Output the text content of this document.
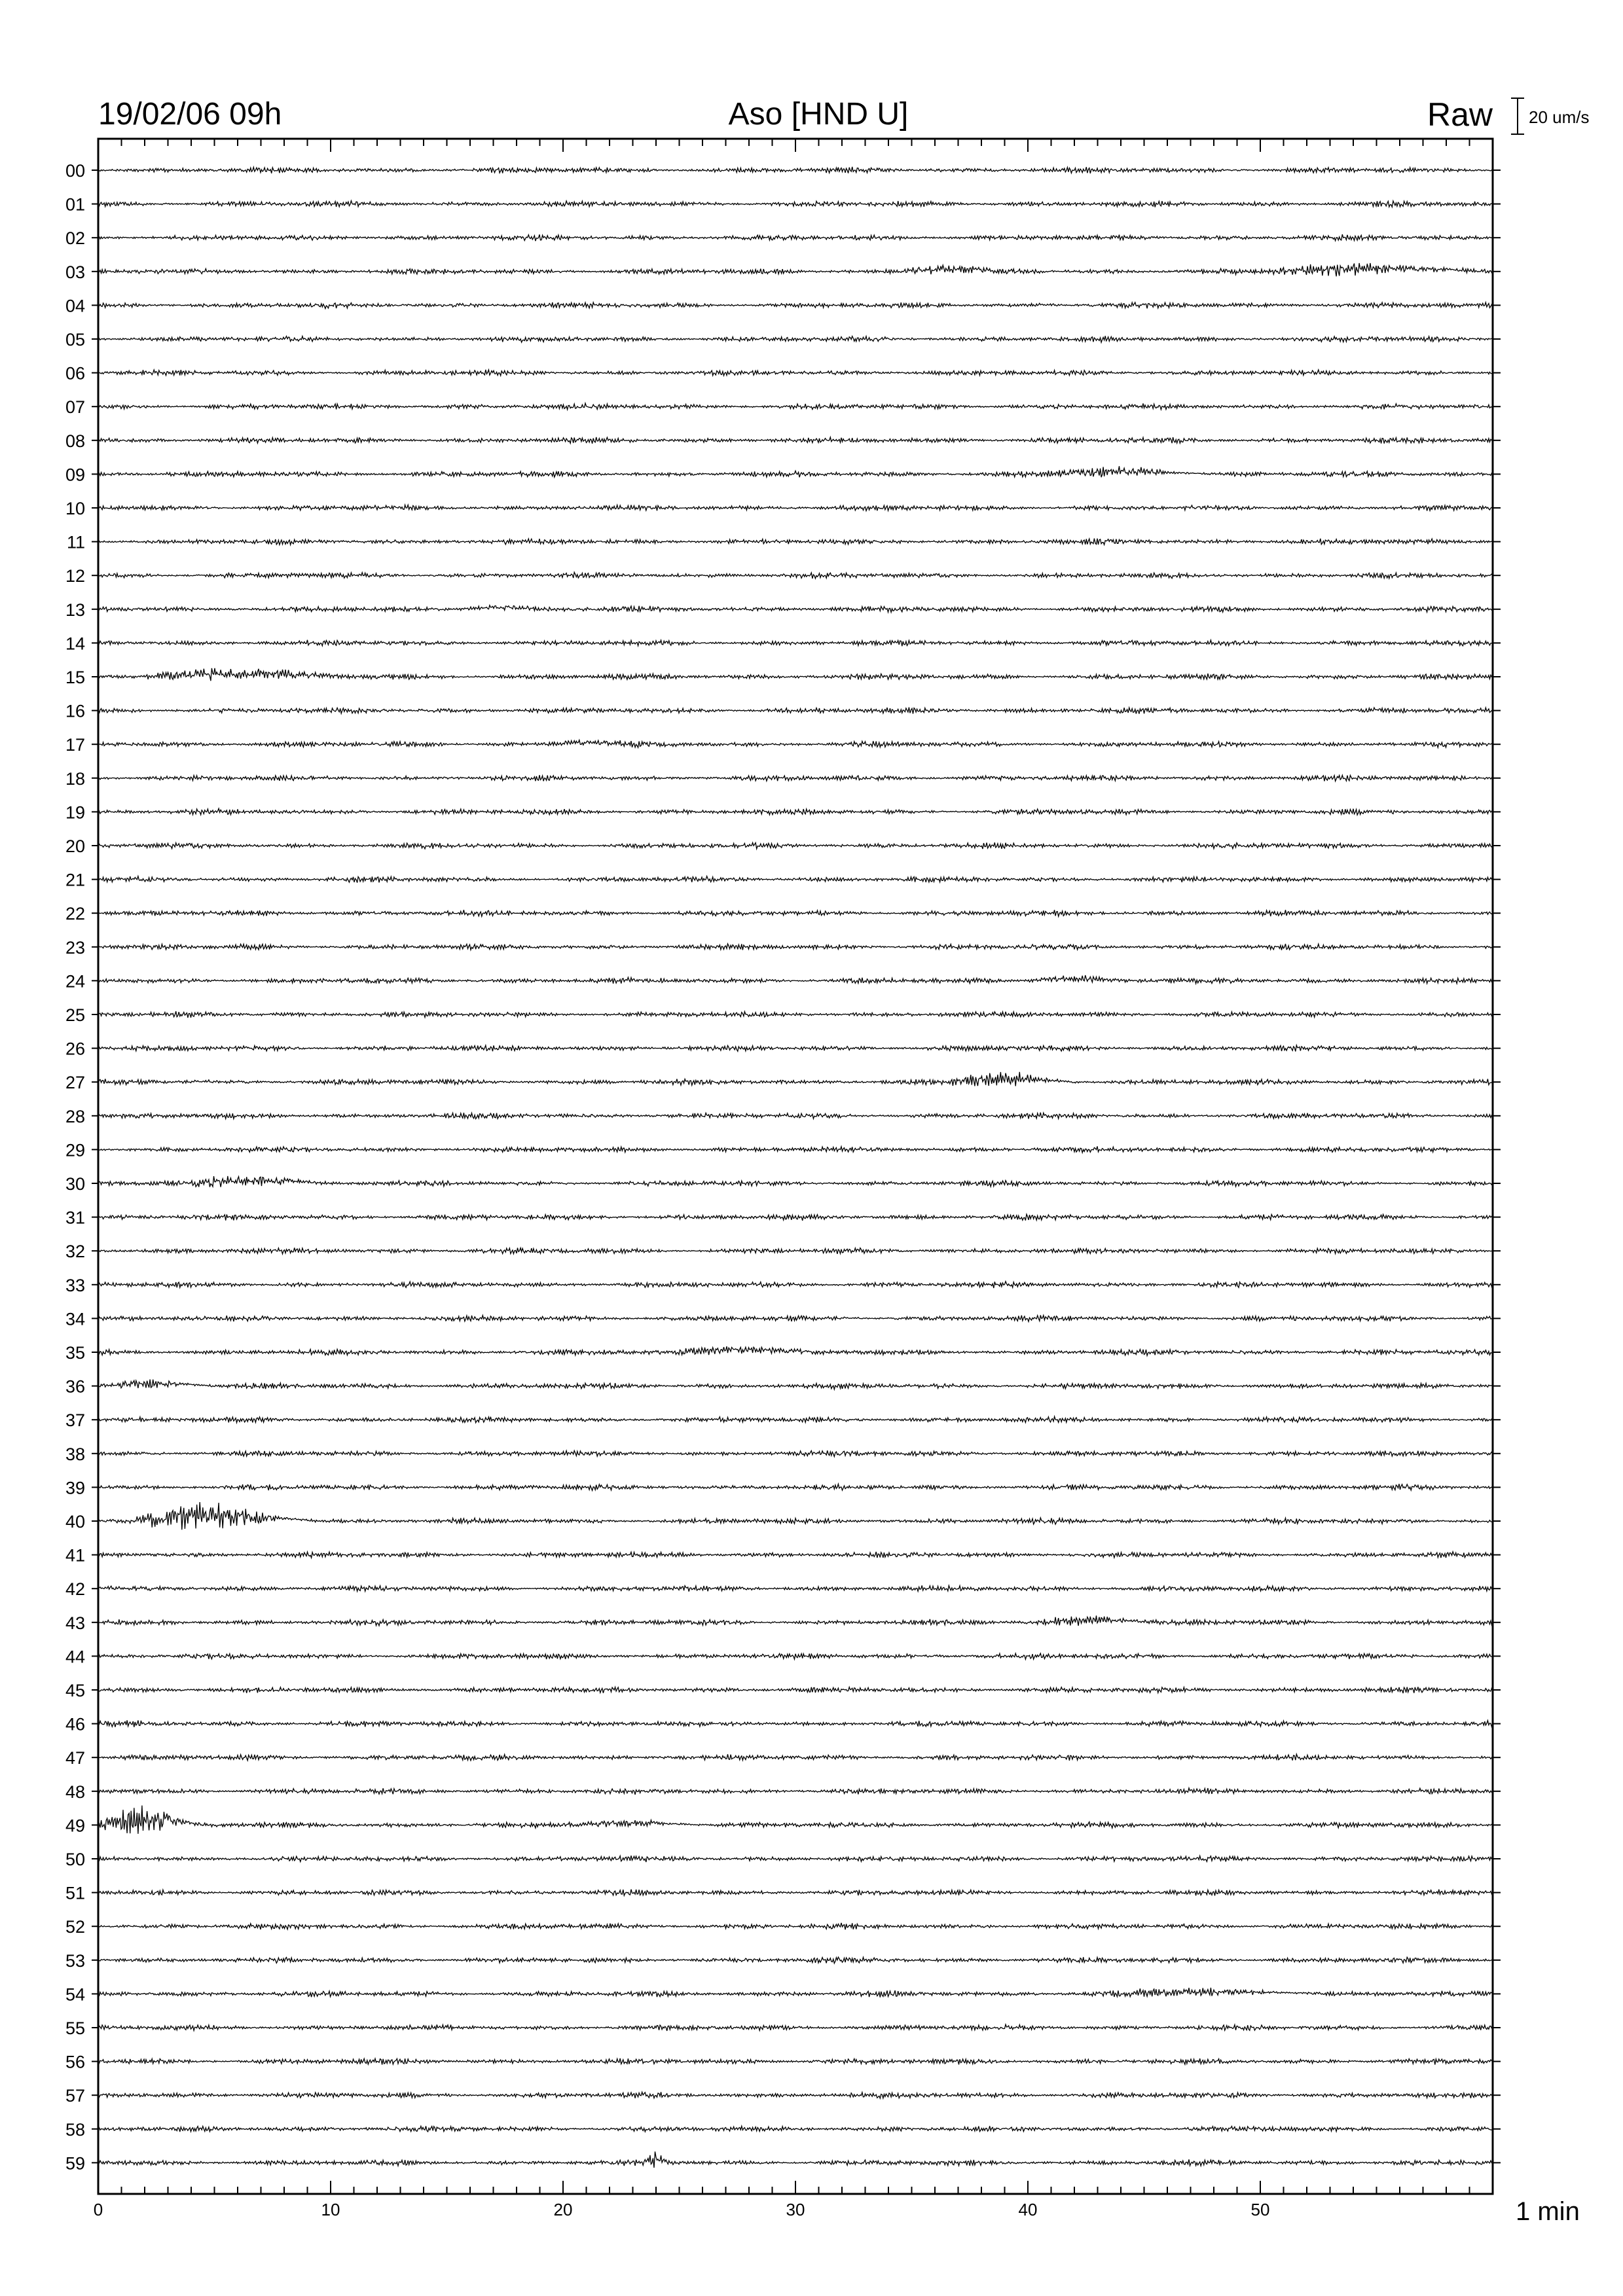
19/02/06 09h	Aso [HND U]	Raw 20 um/s
0	10	20	30	40	50
00
01
02
03
04
05
06
07
08
09
10
11
12
13
14
15
16
17
18
19
20
21
22
23
24
25
26
27
28
29
30
31
32
33
34
35
36
37
38
39
40
41
42
43
44
45
46
47
48
49
50
51
52
53
54
55
56
57
58
59
1 min
